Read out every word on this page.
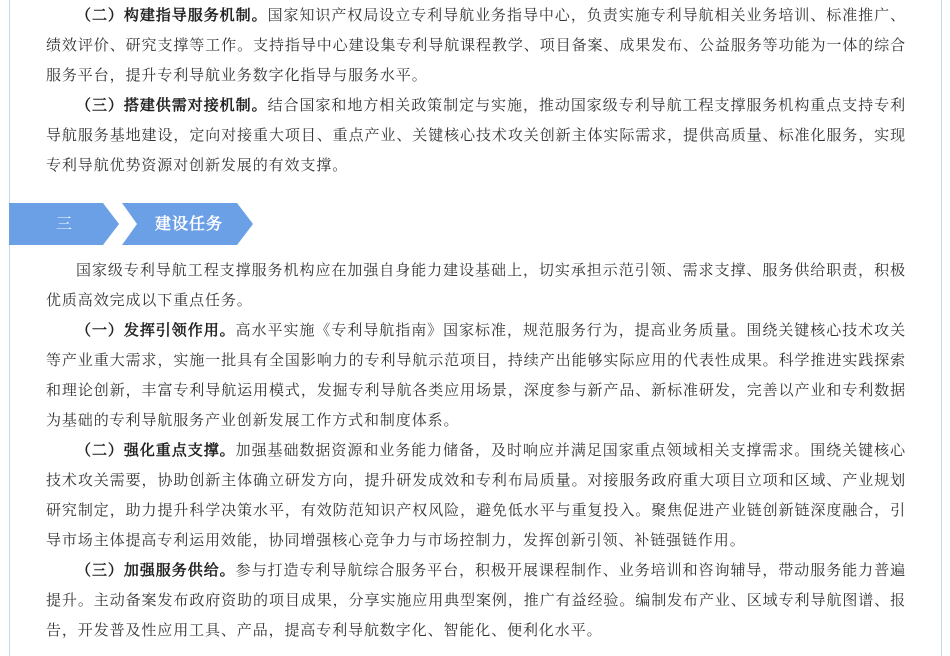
（二）构建指导服务机制。国家知识产权局设立专利导航业务指导中心，负责实施专利导航相关业务培训、标准推广、绩效评价、研究支撑等工作。支持指导中心建设集专利导航课程教学、项目备案、成果发布、公益服务等功能为一体的综合服务平台，提升专利导航业务数字化指导与服务水平。

（三）搭建供需对接机制。结合国家和地方相关政策制定与实施，推动国家级专利导航工程支撑服务机构重点支持专利导航服务基地建设，定向对接重大项目、重点产业、关键核心技术攻关创新主体实际需求，提供高质量、标准化服务，实现专利导航优势资源对创新发展的有效支撑。

三	建设任务

国家级专利导航工程支撑服务机构应在加强自身能力建设基础上，切实承担示范引领、需求支撑、服务供给职责，积极优质高效完成以下重点任务。

（一）发挥引领作用。高水平实施《专利导航指南》国家标准，规范服务行为，提高业务质量。围绕关键核心技术攻关等产业重大需求，实施一批具有全国影响力的专利导航示范项目，持续产出能够实际应用的代表性成果。科学推进实践探索和理论创新，丰富专利导航运用模式，发掘专利导航各类应用场景，深度参与新产品、新标准研发，完善以产业和专利数据为基础的专利导航服务产业创新发展工作方式和制度体系。

（二）强化重点支撑。加强基础数据资源和业务能力储备，及时响应并满足国家重点领域相关支撑需求。围绕关键核心技术攻关需要，协助创新主体确立研发方向，提升研发成效和专利布局质量。对接服务政府重大项目立项和区域、产业规划研究制定，助力提升科学决策水平，有效防范知识产权风险，避免低水平与重复投入。聚焦促进产业链创新链深度融合，引导市场主体提高专利运用效能，协同增强核心竞争力与市场控制力，发挥创新引领、补链强链作用。

（三）加强服务供给。参与打造专利导航综合服务平台，积极开展课程制作、业务培训和咨询辅导，带动服务能力普遍提升。主动备案发布政府资助的项目成果，分享实施应用典型案例，推广有益经验。编制发布产业、区域专利导航图谱、报告，开发普及性应用工具、产品，提高专利导航数字化、智能化、便利化水平。
